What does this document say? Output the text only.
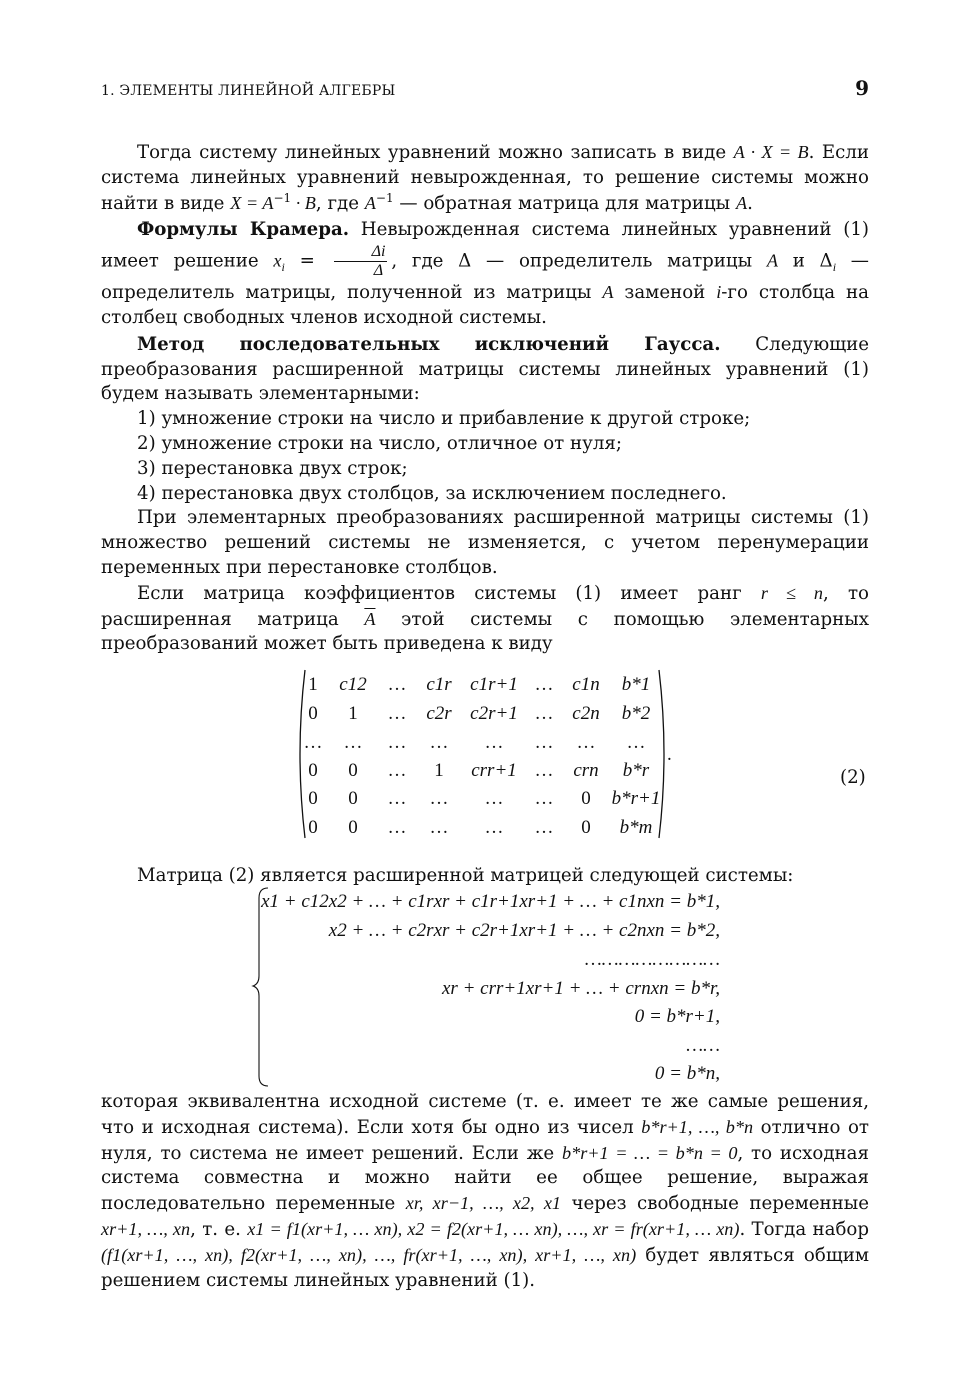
1. ЭЛЕМЕНТЫ ЛИНЕЙНОЙ АЛГЕБРЫ	9

Тогда систему линейных уравнений можно записать в виде A · X = B. Если система линейных уравнений невырожденная, то решение системы можно найти в виде $X = A^{-1} \cdot B$, где $A^{-1}$ — обратная матрица для матрицы A.

Формулы Крамера. Невырожденная система линейных уравнений (1) имеет решение $x_i = \frac{\Delta i}{\Delta}$ , где Δ — определитель матрицы A и $\Delta_i$ — определитель матрицы, полученной из матрицы A заменой i-го столбца на столбец свободных членов исходной системы.

Метод последовательных исключений Гаусса. Следующие преобразования расширенной матрицы системы линейных уравнений (1) будем называть элементарными:

1) умножение строки на число и прибавление к другой строке;

2) умножение строки на число, отличное от нуля;

3) перестановка двух строк;

4) перестановка двух столбцов, за исключением последнего.

При элементарных преобразованиях расширенной матрицы системы (1) множество решений системы не изменяется, с учетом перенумерации переменных при перестановке столбцов.

Если матрица коэффициентов системы (1) имеет ранг r ≤ n, то расширенная матрица $\overline{A}$ этой системы с помощью элементарных преобразований может быть приведена к виду

1 c12 … c1r c1r+1 … c1n b*1
0 1 … c2r c2r+1 … c2n b*2
… … … … … … … …
0 0 … 1 crr+1 … crn b*r
0 0 … … … … 0 b*r+1
0 0 … … … … 0 b*m
.
(2)

Матрица (2) является расширенной матрицей следующей системы:

x1 + c12x2 + … + c1rxr + c1r+1xr+1 + … + c1nxn = b*1,
x2 + … + c2rxr + c2r+1xr+1 + … + c2nxn = b*2,
……………………
xr + crr+1xr+1 + … + crnxn = b*r,
0 = b*r+1,
……
0 = b*n,

которая эквивалентна исходной системе (т. е. имеет те же самые решения, что и исходная система). Если хотя бы одно из чисел b*r+1, …, b*n отлично от нуля, то система не имеет решений. Если же b*r+1 = … = b*n = 0, то исходная система совместна и можно найти ее общее решение, выражая последовательно переменные xr, xr−1, …, x2, x1 через свободные переменные xr+1, …, xn, т. е. x1 = f1(xr+1, … xn), x2 = f2(xr+1, … xn), …, xr = fr(xr+1, … xn). Тогда набор (f1(xr+1, …, xn), f2(xr+1, …, xn), …, fr(xr+1, …, xn), xr+1, …, xn) будет являться общим решением системы линейных уравнений (1).
